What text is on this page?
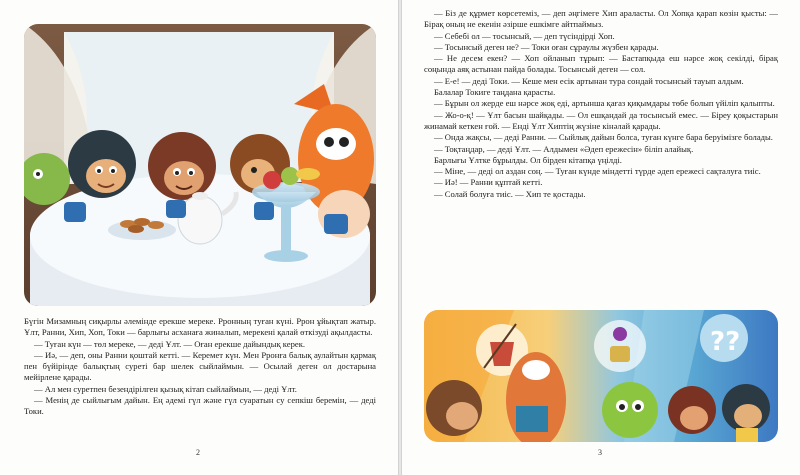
Бүгін Мизамның сиқырлы әлемінде ерекше мереке. Рронның туған күні. Ррон ұйықтап жатыр. Ұлт, Ранни, Хип, Хоп, Токи — барлығы асханаға жиналып, мерекені қалай өткізуді ақылдасты.

— Туған күн — төл мереке, — деді Ұлт. — Оған ерекше дайындық керек.

— Иә, — деп, оны Ранни қоштай кетті. — Керемет күн. Мен Рронға балық аулайтын қармақ пен бүйірінде балықтың суреті бар шелек сыйлаймын. — Осылай деген ол достарына мейірлене қарады.

— Ал мен суретпен безендірілген қызық кітап сыйлаймын, — деді Ұлт.

— Менің де сыйлығым дайын. Ең әдемі гүл және гүл суаратын су сепкіш беремін, — деді Токи.

2

— Біз де құрмет көрсетеміз, — деп әңгімеге Хип араласты. Ол Хопқа қарап көзін қысты: — Бірақ оның не екенін әзірше ешкімге айтпаймыз.

— Себебі ол — тосынсый, — деп түсіндірді Хоп.

— Тосынсый деген не? — Токи оған сұраулы жүзбен қарады.

— Не десем екен? — Хоп ойланып тұрып: — Бастапқыда еш нәрсе жоқ секілді, бірақ соңында аяқ астынан пайда болады. Тосынсый деген — сол.

— Е-е! — деді Токи. — Кеше мен есік артынан тура сондай тосынсый тауып алдым.

Балалар Токиге таңдана қарасты.

— Бұрын ол жерде еш нәрсе жоқ еді, артынша қағаз қиқымдары төбе болып үйіліп қалыпты.

— Жо-о-қ! — Ұлт басын шайқады. — Ол ешқандай да тосынсый емес. — Біреу қоқыстарын жинамай кеткен ғой. — Енді Ұлт Хиптің жүзіне кінәлай қарады.

— Онда жақсы, — деді Ранни. — Сыйлық дайын болса, туған күнге бара беруімізге болады.

— Тоқтаңдар, — деді Ұлт. — Алдымен «Әдеп ережесін» біліп алайық.

Барлығы Ұлтке бұрылды. Ол бірден кітапқа үңілді.

— Міне, — деді ол аздан соң. — Туған күнде міндетті түрде әдеп ережесі сақталуға тиіс.

— Иә! — Ранни құптай кетті.

— Солай болуға тиіс. — Хип те қостады.

??
3
